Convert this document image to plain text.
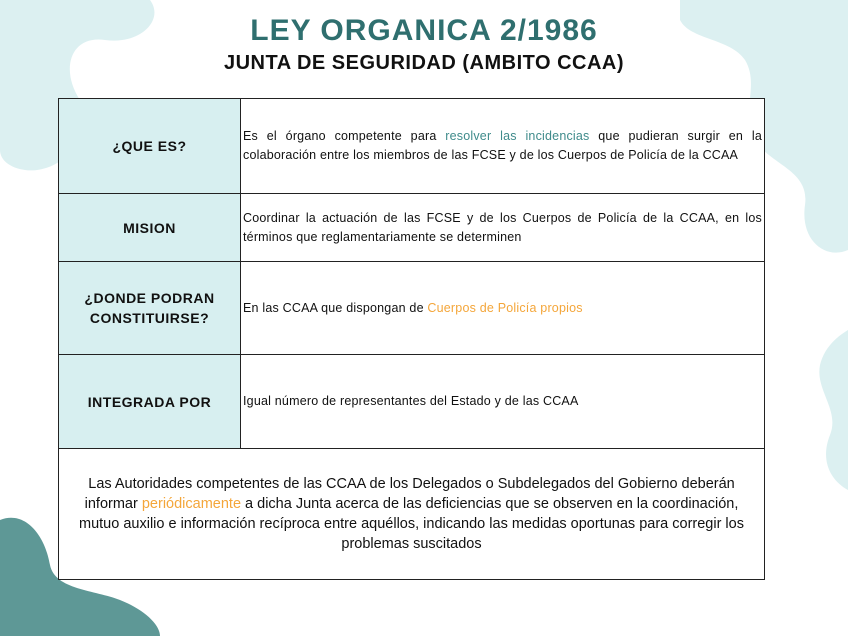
LEY ORGANICA 2/1986
JUNTA DE SEGURIDAD (AMBITO CCAA)
¿QUE ES?

Es el órgano competente para resolver las incidencias que pudieran surgir en la colaboración entre los miembros de las FCSE y de los Cuerpos de Policía de la CCAA

MISION

Coordinar la actuación de las FCSE y de los Cuerpos de Policía de la CCAA, en los términos que reglamentariamente se determinen

¿DONDE PODRAN
CONSTITUIRSE?

En las CCAA que dispongan de Cuerpos de Policía propios

INTEGRADA POR	Igual número de representantes del Estado y de las CCAA

Las Autoridades competentes de las CCAA de los Delegados o Subdelegados del Gobierno deberán informar periódicamente a dicha Junta acerca de las deficiencias que se observen en la coordinación, mutuo auxilio e información recíproca entre aquéllos, indicando las medidas oportunas para corregir los problemas suscitados
